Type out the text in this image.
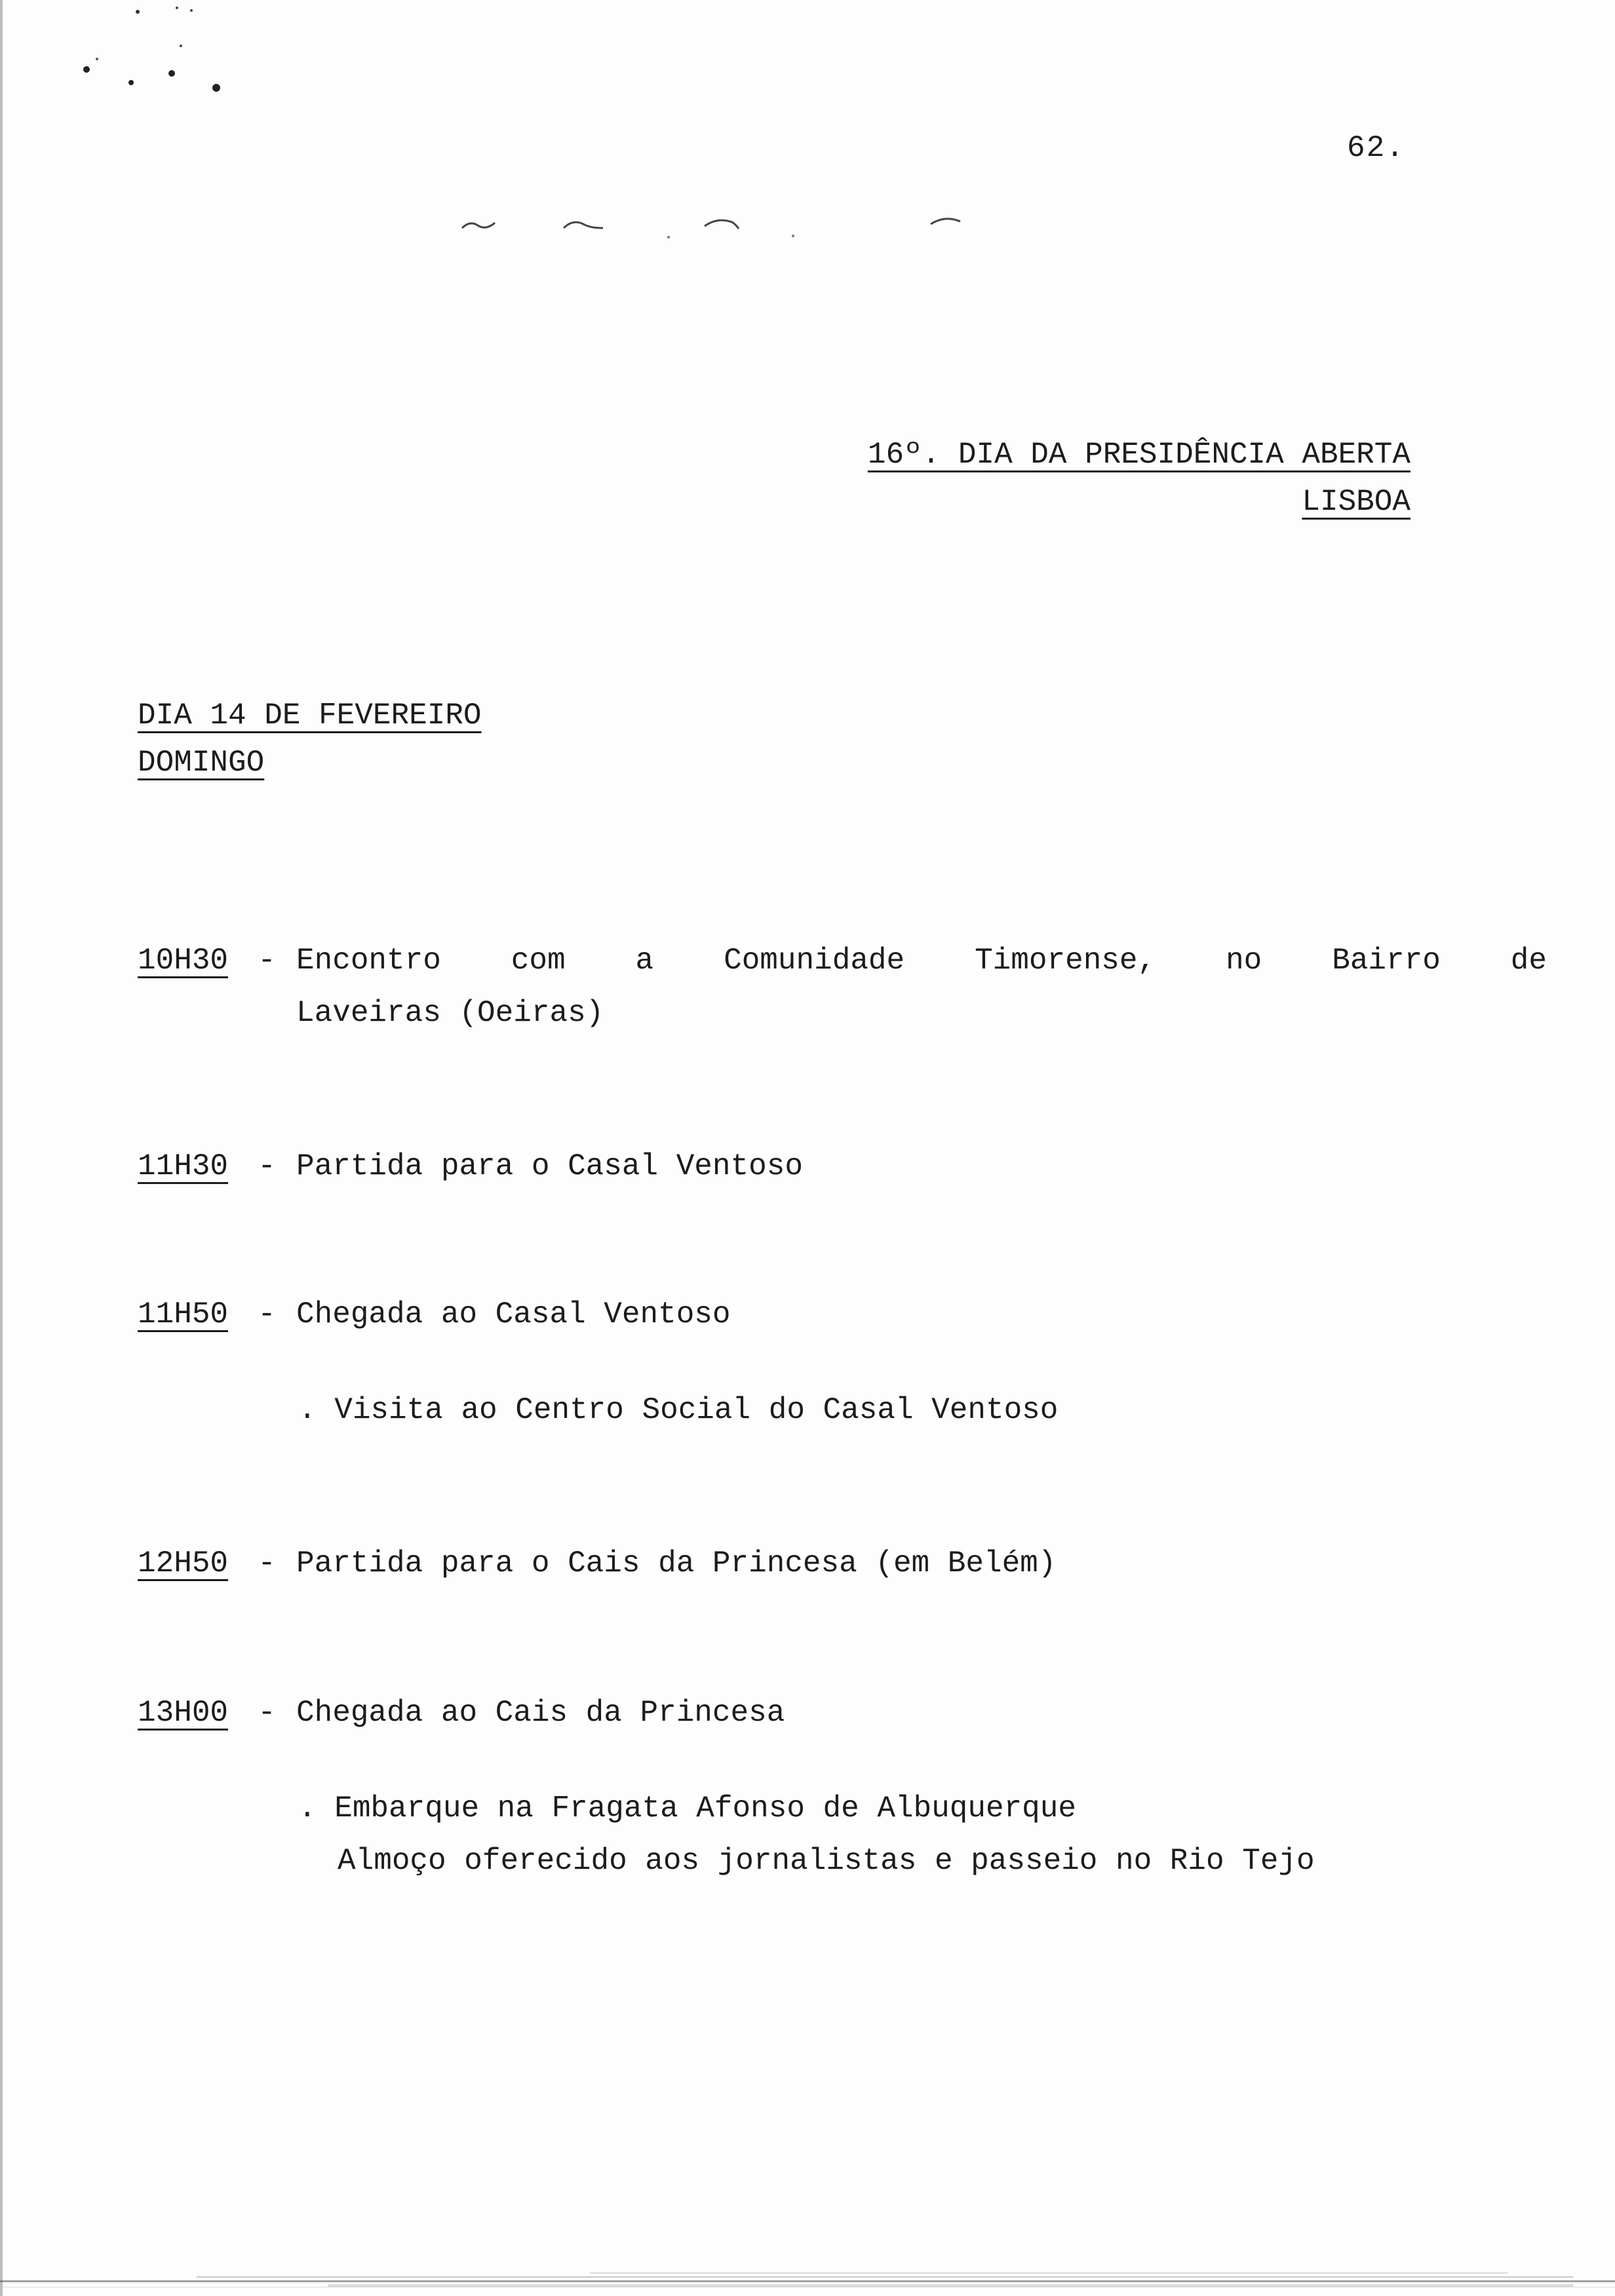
62.
16º. DIA DA PRESIDÊNCIA ABERTA
LISBOA
DIA 14 DE FEVEREIRO
DOMINGO
10H30 - Encontro com a Comunidade Timorense, no Bairro de
Laveiras (Oeiras)
11H30 - Partida para o Casal Ventoso
11H50 - Chegada ao Casal Ventoso
. Visita ao Centro Social do Casal Ventoso
12H50 - Partida para o Cais da Princesa (em Belém)
13H00 - Chegada ao Cais da Princesa
. Embarque na Fragata Afonso de Albuquerque
Almoço oferecido aos jornalistas e passeio no Rio Tejo
